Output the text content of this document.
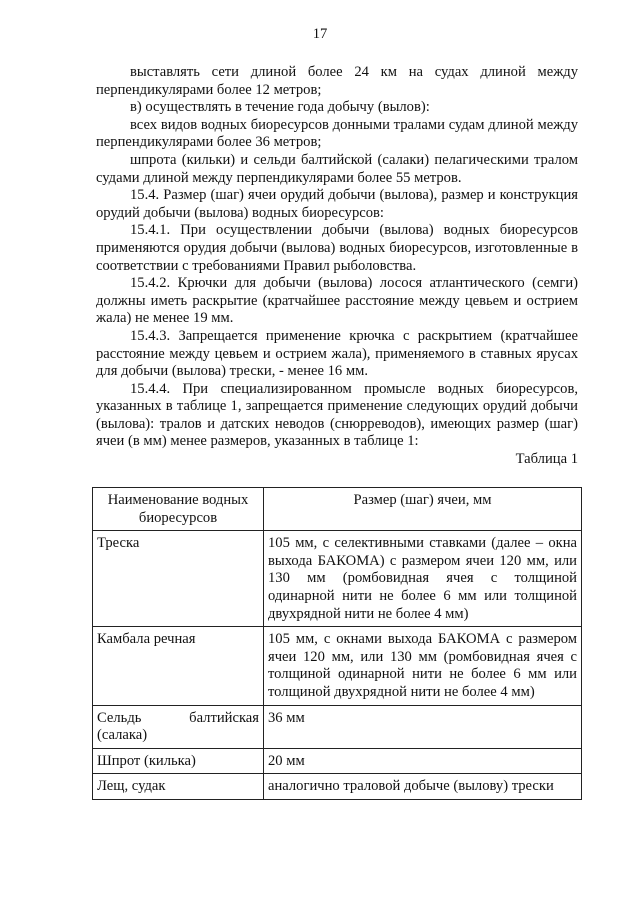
17

выставлять сети длиной более 24 км на судах длиной между перпендикулярами более 12 метров;

в) осуществлять в течение года добычу (вылов):

всех видов водных биоресурсов донными тралами судам длиной между перпендикулярами более 36 метров;

шпрота (кильки) и сельди балтийской (салаки) пелагическими тралом судами длиной между перпендикулярами более 55 метров.

15.4. Размер (шаг) ячеи орудий добычи (вылова), размер и конструкция орудий добычи (вылова) водных биоресурсов:

15.4.1. При осуществлении добычи (вылова) водных биоресурсов применяются орудия добычи (вылова) водных биоресурсов, изготовленные в соответствии с требованиями Правил рыболовства.

15.4.2. Крючки для добычи (вылова) лосося атлантического (семги) должны иметь раскрытие (кратчайшее расстояние между цевьем и острием жала) не менее 19 мм.

15.4.3. Запрещается применение крючка с раскрытием (кратчайшее расстояние между цевьем и острием жала), применяемого в ставных ярусах для добычи (вылова) трески, - менее 16 мм.

15.4.4. При специализированном промысле водных биоресурсов, указанных в таблице 1, запрещается применение следующих орудий добычи (вылова): тралов и датских неводов (снюрреводов), имеющих размер (шаг) ячеи (в мм) менее размеров, указанных в таблице 1:

Таблица 1
Наименование водных биоресурсов	Размер (шаг) ячеи, мм
Треска	105 мм, с селективными ставками (далее – окна выхода БАКОМА) с размером ячеи 120 мм, или 130 мм (ромбовидная ячея с толщиной одинарной нити не более 6 мм или толщиной двухрядной нити не более 4 мм)
Камбала речная	105 мм, с окнами выхода БАКОМА с размером ячеи 120 мм, или 130 мм (ромбовидная ячея с толщиной одинарной нити не более 6 мм или толщиной двухрядной нити не более 4 мм)
Сельдь балтийская (салака)	36 мм
Шпрот (килька)	20 мм
Лещ, судак	аналогично траловой добыче (вылову) трески
